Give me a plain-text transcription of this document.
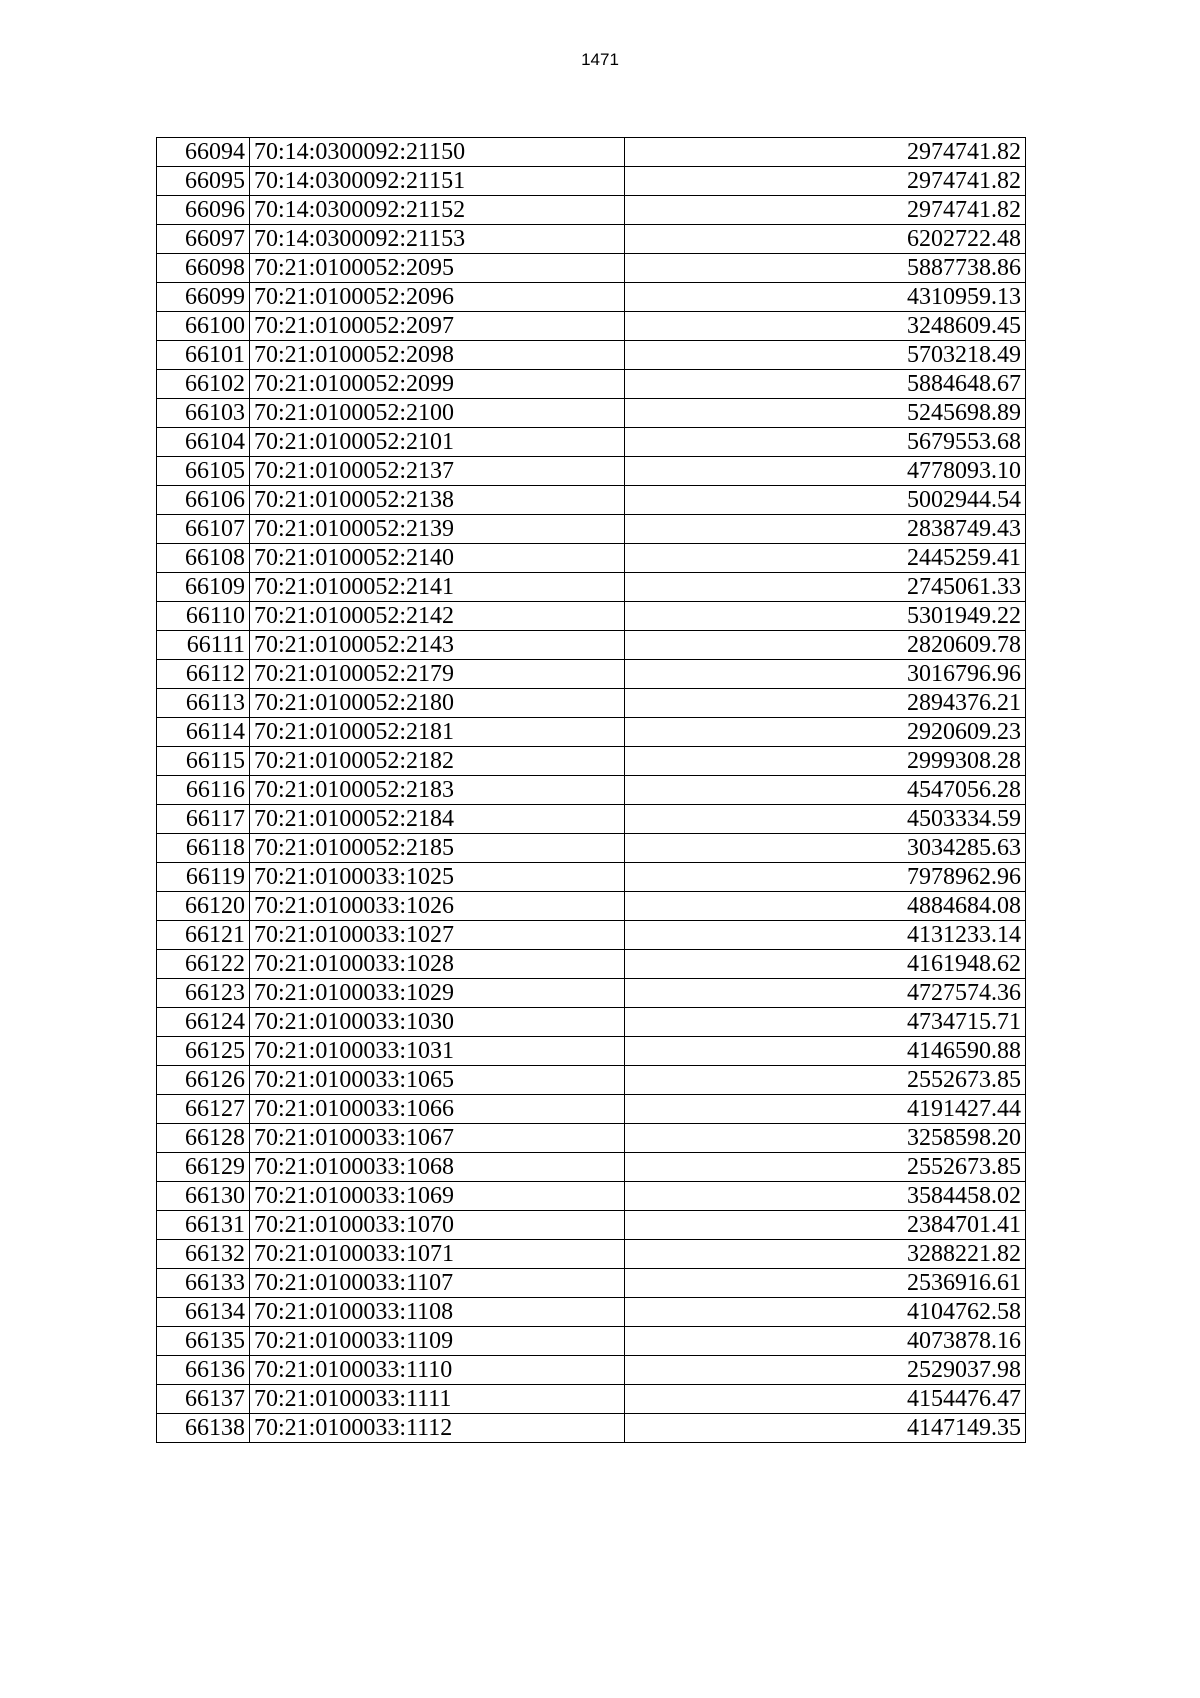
1471
66094	70:14:0300092:21150	2974741.82
66095	70:14:0300092:21151	2974741.82
66096	70:14:0300092:21152	2974741.82
66097	70:14:0300092:21153	6202722.48
66098	70:21:0100052:2095	5887738.86
66099	70:21:0100052:2096	4310959.13
66100	70:21:0100052:2097	3248609.45
66101	70:21:0100052:2098	5703218.49
66102	70:21:0100052:2099	5884648.67
66103	70:21:0100052:2100	5245698.89
66104	70:21:0100052:2101	5679553.68
66105	70:21:0100052:2137	4778093.10
66106	70:21:0100052:2138	5002944.54
66107	70:21:0100052:2139	2838749.43
66108	70:21:0100052:2140	2445259.41
66109	70:21:0100052:2141	2745061.33
66110	70:21:0100052:2142	5301949.22
66111	70:21:0100052:2143	2820609.78
66112	70:21:0100052:2179	3016796.96
66113	70:21:0100052:2180	2894376.21
66114	70:21:0100052:2181	2920609.23
66115	70:21:0100052:2182	2999308.28
66116	70:21:0100052:2183	4547056.28
66117	70:21:0100052:2184	4503334.59
66118	70:21:0100052:2185	3034285.63
66119	70:21:0100033:1025	7978962.96
66120	70:21:0100033:1026	4884684.08
66121	70:21:0100033:1027	4131233.14
66122	70:21:0100033:1028	4161948.62
66123	70:21:0100033:1029	4727574.36
66124	70:21:0100033:1030	4734715.71
66125	70:21:0100033:1031	4146590.88
66126	70:21:0100033:1065	2552673.85
66127	70:21:0100033:1066	4191427.44
66128	70:21:0100033:1067	3258598.20
66129	70:21:0100033:1068	2552673.85
66130	70:21:0100033:1069	3584458.02
66131	70:21:0100033:1070	2384701.41
66132	70:21:0100033:1071	3288221.82
66133	70:21:0100033:1107	2536916.61
66134	70:21:0100033:1108	4104762.58
66135	70:21:0100033:1109	4073878.16
66136	70:21:0100033:1110	2529037.98
66137	70:21:0100033:1111	4154476.47
66138	70:21:0100033:1112	4147149.35
